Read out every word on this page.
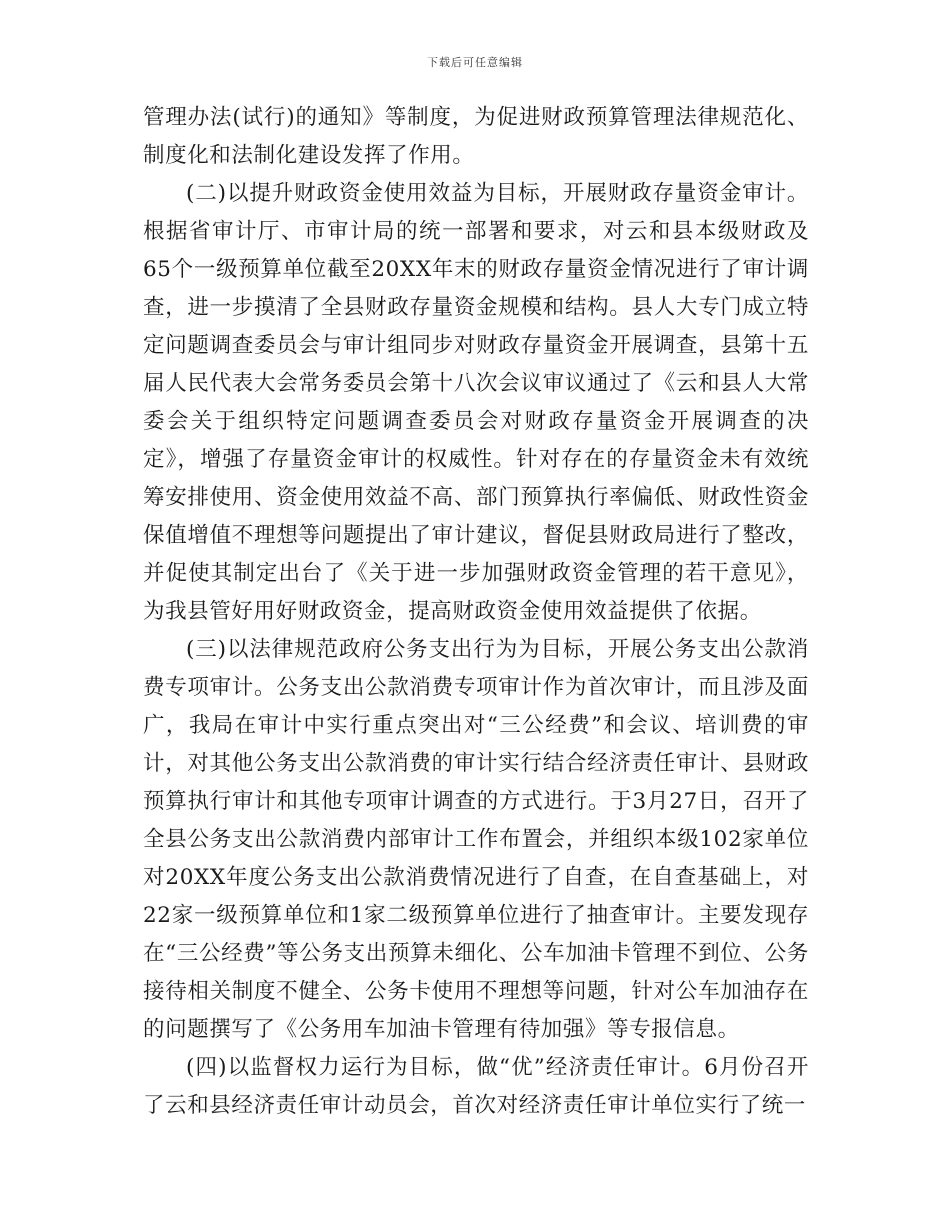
下载后可任意编辑

管理办法(试行)的通知》等制度，为促进财政预算管理法律规范化、制度化和法制化建设发挥了作用。

(二)以提升财政资金使用效益为目标，开展财政存量资金审计。根据省审计厅、市审计局的统一部署和要求，对云和县本级财政及65个一级预算单位截至20XX年末的财政存量资金情况进行了审计调查，进一步摸清了全县财政存量资金规模和结构。县人大专门成立特定问题调查委员会与审计组同步对财政存量资金开展调查，县第十五届人民代表大会常务委员会第十八次会议审议通过了《云和县人大常委会关于组织特定问题调查委员会对财政存量资金开展调查的决定》，增强了存量资金审计的权威性。针对存在的存量资金未有效统筹安排使用、资金使用效益不高、部门预算执行率偏低、财政性资金保值增值不理想等问题提出了审计建议，督促县财政局进行了整改，并促使其制定出台了《关于进一步加强财政资金管理的若干意见》，为我县管好用好财政资金，提高财政资金使用效益提供了依据。

(三)以法律规范政府公务支出行为为目标，开展公务支出公款消费专项审计。公务支出公款消费专项审计作为首次审计，而且涉及面广，我局在审计中实行重点突出对“三公经费”和会议、培训费的审计，对其他公务支出公款消费的审计实行结合经济责任审计、县财政预算执行审计和其他专项审计调查的方式进行。于3月27日，召开了全县公务支出公款消费内部审计工作布置会，并组织本级102家单位对20XX年度公务支出公款消费情况进行了自查，在自查基础上，对22家一级预算单位和1家二级预算单位进行了抽查审计。主要发现存在“三公经费”等公务支出预算未细化、公车加油卡管理不到位、公务接待相关制度不健全、公务卡使用不理想等问题，针对公车加油存在的问题撰写了《公务用车加油卡管理有待加强》等专报信息。

(四)以监督权力运行为目标，做“优”经济责任审计。6月份召开了云和县经济责任审计动员会，首次对经济责任审计单位实行了统一
